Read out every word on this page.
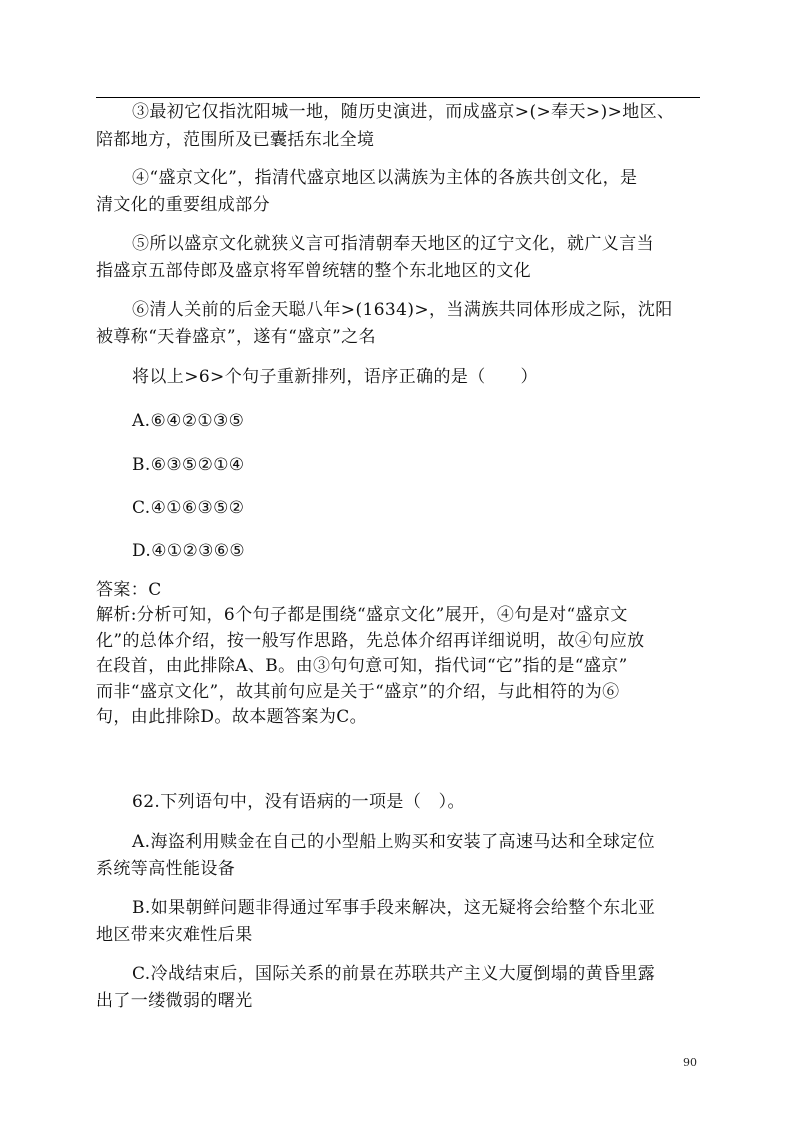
③最初它仅指沈阳城一地，随历史演进，而成盛京>(>奉天>)>地区、
陪都地方，范围所及已囊括东北全境
④“盛京文化”，指清代盛京地区以满族为主体的各族共创文化，是
清文化的重要组成部分
⑤所以盛京文化就狭义言可指清朝奉天地区的辽宁文化，就广义言当
指盛京五部侍郎及盛京将军曾统辖的整个东北地区的文化
⑥清人关前的后金天聪八年>(1634)>，当满族共同体形成之际，沈阳
被尊称“天眷盛京”，遂有“盛京”之名
将以上>6>个句子重新排列，语序正确的是（　　）
A.⑥④②①③⑤
B.⑥③⑤②①④
C.④①⑥③⑤②
D.④①②③⑥⑤
答案：C
解析:分析可知，6个句子都是围绕“盛京文化”展开，④句是对“盛京文
化”的总体介绍，按一般写作思路，先总体介绍再详细说明，故④句应放
在段首，由此排除A、B。由③句句意可知，指代词“它”指的是“盛京”
而非“盛京文化”，故其前句应是关于“盛京”的介绍，与此相符的为⑥
句，由此排除D。故本题答案为C。
62.下列语句中，没有语病的一项是（　）。
A.海盗利用赎金在自己的小型船上购买和安装了高速马达和全球定位
系统等高性能设备
B.如果朝鲜问题非得通过军事手段来解决，这无疑将会给整个东北亚
地区带来灾难性后果
C.冷战结束后，国际关系的前景在苏联共产主义大厦倒塌的黄昏里露
出了一缕微弱的曙光
90
